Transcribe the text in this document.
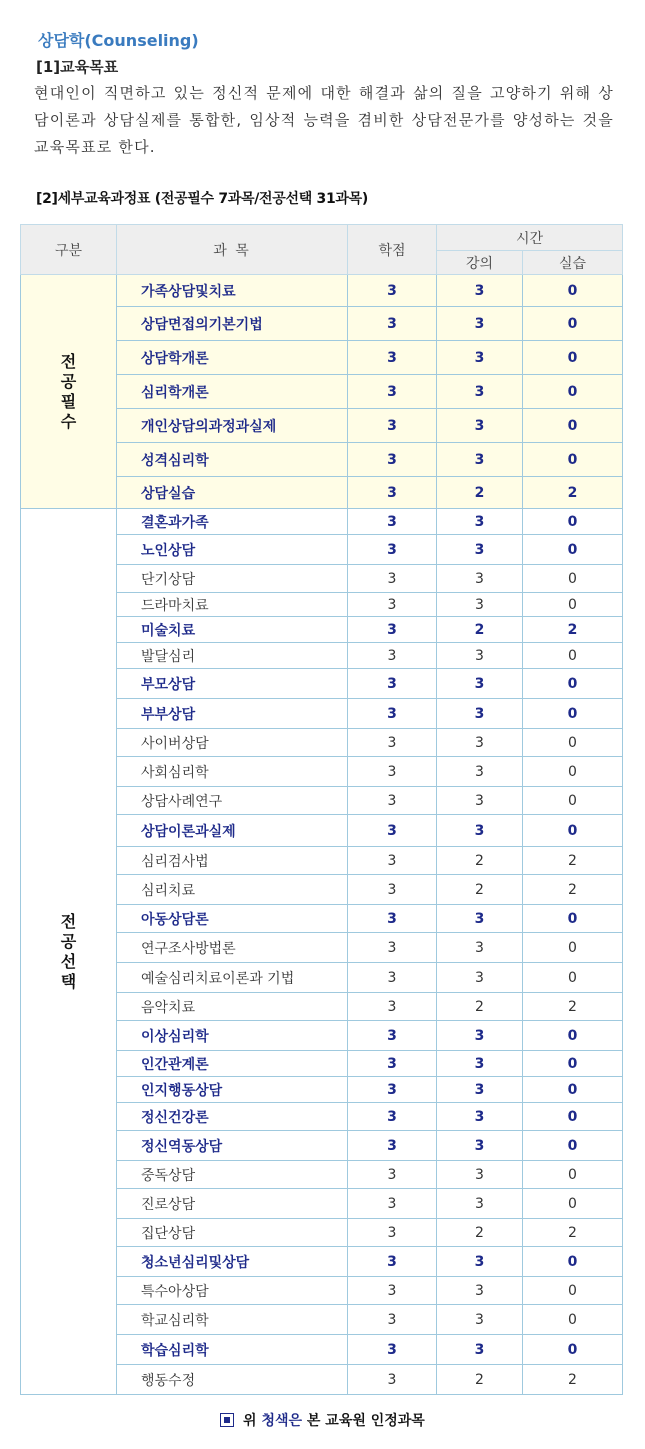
상담학(Counseling)
[1]교육목표

현대인이 직면하고 있는 정신적 문제에 대한 해결과 삶의 질을 고양하기 위해 상담이론과 상담실제를 통합한, 임상적 능력을 겸비한 상담전문가를 양성하는 것을 교육목표로 한다.

[2]세부교육과정표 (전공필수 7과목/전공선택 31과목)
구분	과 목	학점	시간	
			강의	실습
전
공
필
수	가족상담및치료	3	3	0
	상담면접의기본기법	3	3	0
	상담학개론	3	3	0
	심리학개론	3	3	0
	개인상담의과정과실제	3	3	0
	성격심리학	3	3	0
	상담실습	3	2	2
전
공
선
택	결혼과가족	3	3	0
	노인상담	3	3	0
	단기상담	3	3	0
	드라마치료	3	3	0
	미술치료	3	2	2
	발달심리	3	3	0
	부모상담	3	3	0
	부부상담	3	3	0
	사이버상담	3	3	0
	사회심리학	3	3	0
	상담사례연구	3	3	0
	상담이론과실제	3	3	0
	심리검사법	3	2	2
	심리치료	3	2	2
	아동상담론	3	3	0
	연구조사방법론	3	3	0
	예술심리치료이론과 기법	3	3	0
	음악치료	3	2	2
	이상심리학	3	3	0
	인간관계론	3	3	0
	인지행동상담	3	3	0
	정신건강론	3	3	0
	정신역동상담	3	3	0
	중독상담	3	3	0
	진로상담	3	3	0
	집단상담	3	2	2
	청소년심리및상담	3	3	0
	특수아상담	3	3	0
	학교심리학	3	3	0
	학습심리학	3	3	0
	행동수정	3	2	2
위 청색은 본 교육원 인정과목
